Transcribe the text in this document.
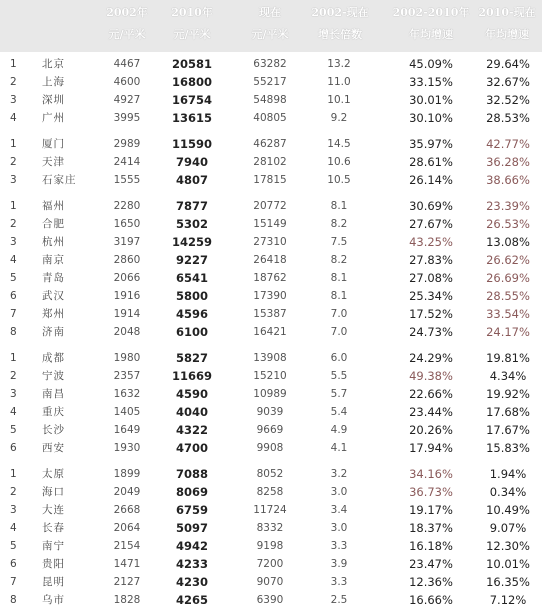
2002年
元/平米
2010年
元/平米
现在
元/平米
2002-现在
增长倍数
2002-2010年
年均增速
2010-现在
年均增速
1	北京	4467	20581	63282	13.2	45.09%	29.64%
2	上海	4600	16800	55217	11.0	33.15%	32.67%
3	深圳	4927	16754	54898	10.1	30.01%	32.52%
4	广州	3995	13615	40805	9.2	30.10%	28.53%
1	厦门	2989	11590	46287	14.5	35.97%	42.77%
2	天津	2414	7940	28102	10.6	28.61%	36.28%
3	石家庄	1555	4807	17815	10.5	26.14%	38.66%
1	福州	2280	7877	20772	8.1	30.69%	23.39%
2	合肥	1650	5302	15149	8.2	27.67%	26.53%
3	杭州	3197	14259	27310	7.5	43.25%	13.08%
4	南京	2860	9227	26418	8.2	27.83%	26.62%
5	青岛	2066	6541	18762	8.1	27.08%	26.69%
6	武汉	1916	5800	17390	8.1	25.34%	28.55%
7	郑州	1914	4596	15387	7.0	17.52%	33.54%
8	济南	2048	6100	16421	7.0	24.73%	24.17%
1	成都	1980	5827	13908	6.0	24.29%	19.81%
2	宁波	2357	11669	15210	5.5	49.38%	4.34%
3	南昌	1632	4590	10989	5.7	22.66%	19.92%
4	重庆	1405	4040	9039	5.4	23.44%	17.68%
5	长沙	1649	4322	9669	4.9	20.26%	17.67%
6	西安	1930	4700	9908	4.1	17.94%	15.83%
1	太原	1899	7088	8052	3.2	34.16%	1.94%
2	海口	2049	8069	8258	3.0	36.73%	0.34%
3	大连	2668	6759	11724	3.4	19.17%	10.49%
4	长春	2064	5097	8332	3.0	18.37%	9.07%
5	南宁	2154	4942	9198	3.3	16.18%	12.30%
6	贵阳	1471	4233	7200	3.9	23.47%	10.01%
7	昆明	2127	4230	9070	3.3	12.36%	16.35%
8	乌市	1828	4265	6390	2.5	16.66%	7.12%
